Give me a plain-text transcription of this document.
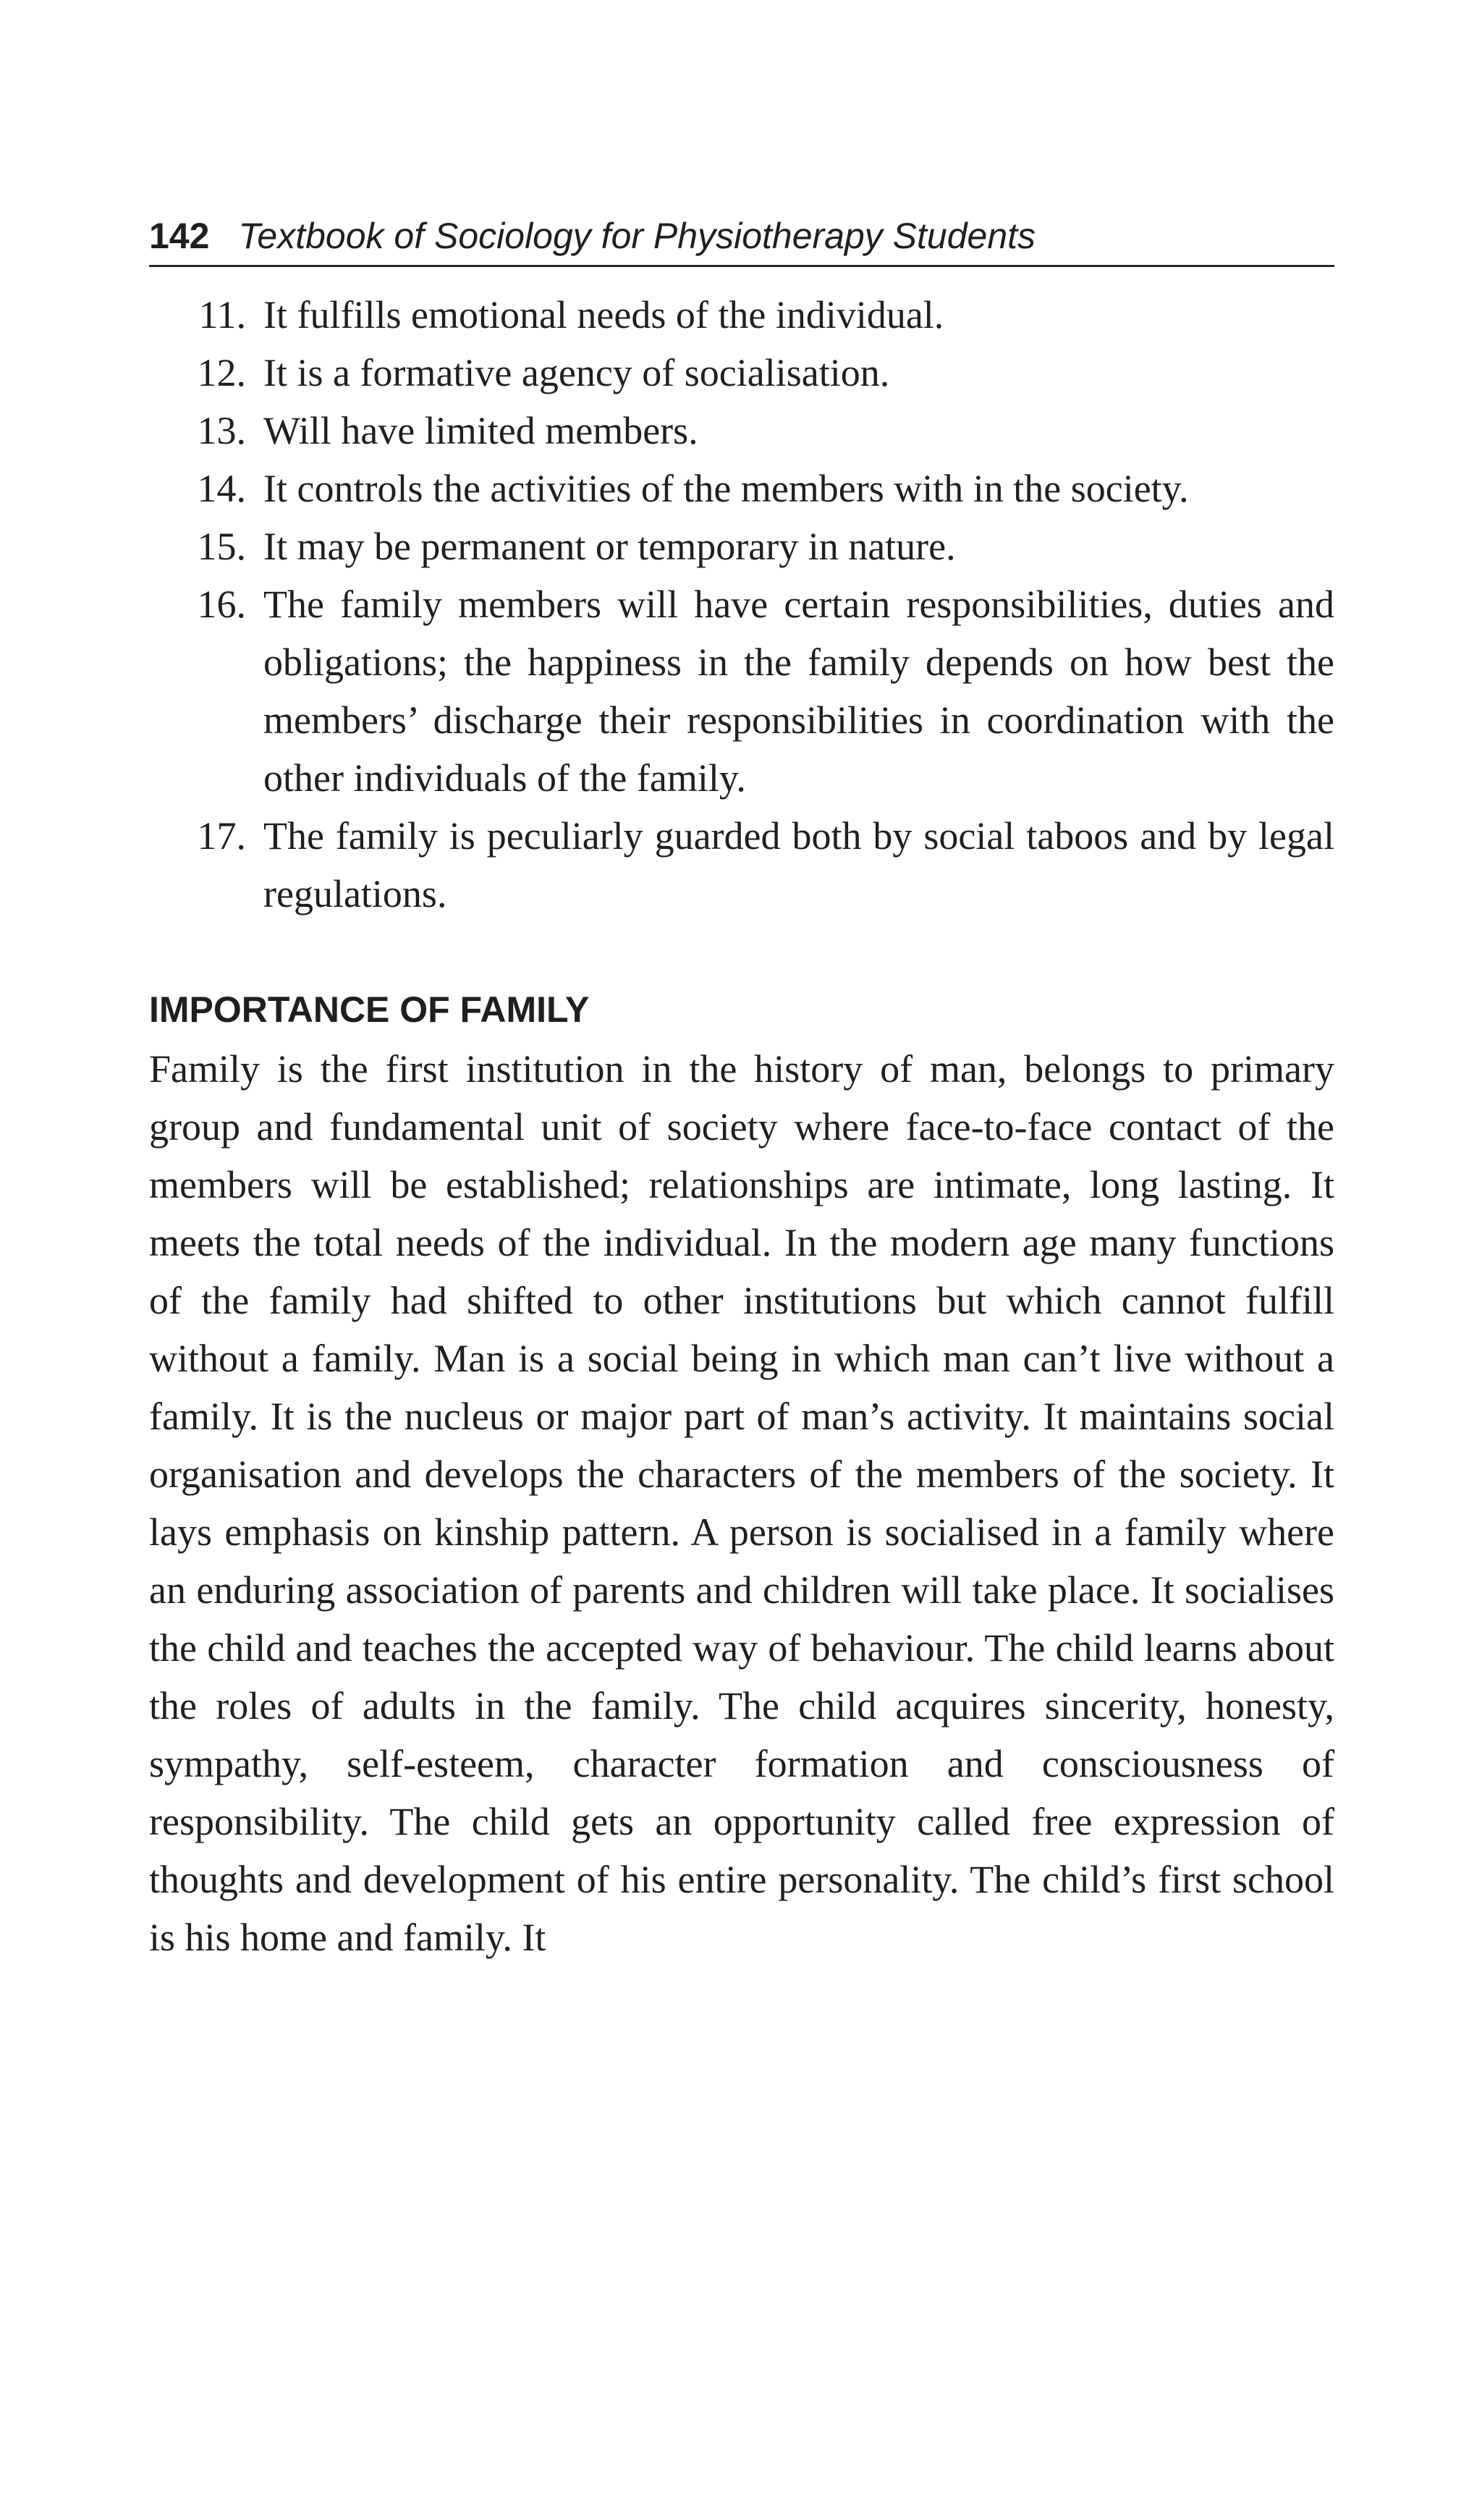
142 Textbook of Sociology for Physiotherapy Students
11. It fulfills emotional needs of the individual.
12. It is a formative agency of socialisation.
13. Will have limited members.
14. It controls the activities of the members with in the society.
15. It may be permanent or temporary in nature.
16. The family members will have certain responsibilities, duties and obligations; the happiness in the family depends on how best the members’ discharge their responsibilities in coordination with the other individuals of the family.
17. The family is peculiarly guarded both by social taboos and by legal regulations.
IMPORTANCE OF FAMILY

Family is the first institution in the history of man, belongs to primary group and fundamental unit of society where face-to-face contact of the members will be established; relationships are intimate, long lasting. It meets the total needs of the individual. In the modern age many functions of the family had shifted to other institutions but which cannot fulfill without a family. Man is a social being in which man can’t live without a family. It is the nucleus or major part of man’s activity. It maintains social organisation and develops the characters of the members of the society. It lays emphasis on kinship pattern. A person is socialised in a family where an enduring association of parents and children will take place. It socialises the child and teaches the accepted way of behaviour. The child learns about the roles of adults in the family. The child acquires sincerity, honesty, sympathy, self-esteem, character formation and consciousness of responsibility. The child gets an opportunity called free expression of thoughts and development of his entire personality. The child’s first school is his home and family. It
